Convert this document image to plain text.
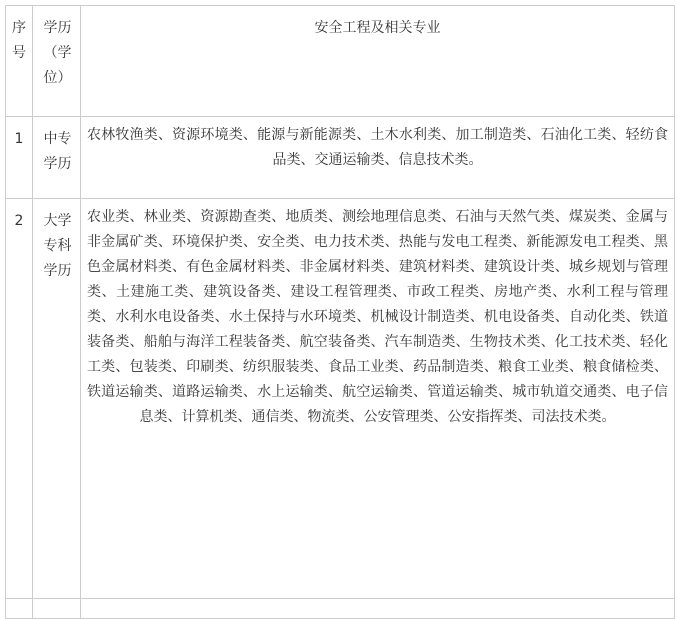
序号	学历（学位）	安全工程及相关专业
1	中专学历	农林牧渔类、资源环境类、能源与新能源类、土木水利类、加工制造类、石油化工类、轻纺食品类、交通运输类、信息技术类。
2	大学专科学历	农业类、林业类、资源勘查类、地质类、测绘地理信息类、石油与天然气类、煤炭类、金属与非金属矿类、环境保护类、安全类、电力技术类、热能与发电工程类、新能源发电工程类、黑色金属材料类、有色金属材料类、非金属材料类、建筑材料类、建筑设计类、城乡规划与管理类、土建施工类、建筑设备类、建设工程管理类、市政工程类、房地产类、水利工程与管理类、水利水电设备类、水土保持与水环境类、机械设计制造类、机电设备类、自动化类、铁道装备类、船舶与海洋工程装备类、航空装备类、汽车制造类、生物技术类、化工技术类、轻化工类、包装类、印刷类、纺织服装类、食品工业类、药品制造类、粮食工业类、粮食储检类、铁道运输类、道路运输类、水上运输类、航空运输类、管道运输类、城市轨道交通类、电子信息类、计算机类、通信类、物流类、公安管理类、公安指挥类、司法技术类。
